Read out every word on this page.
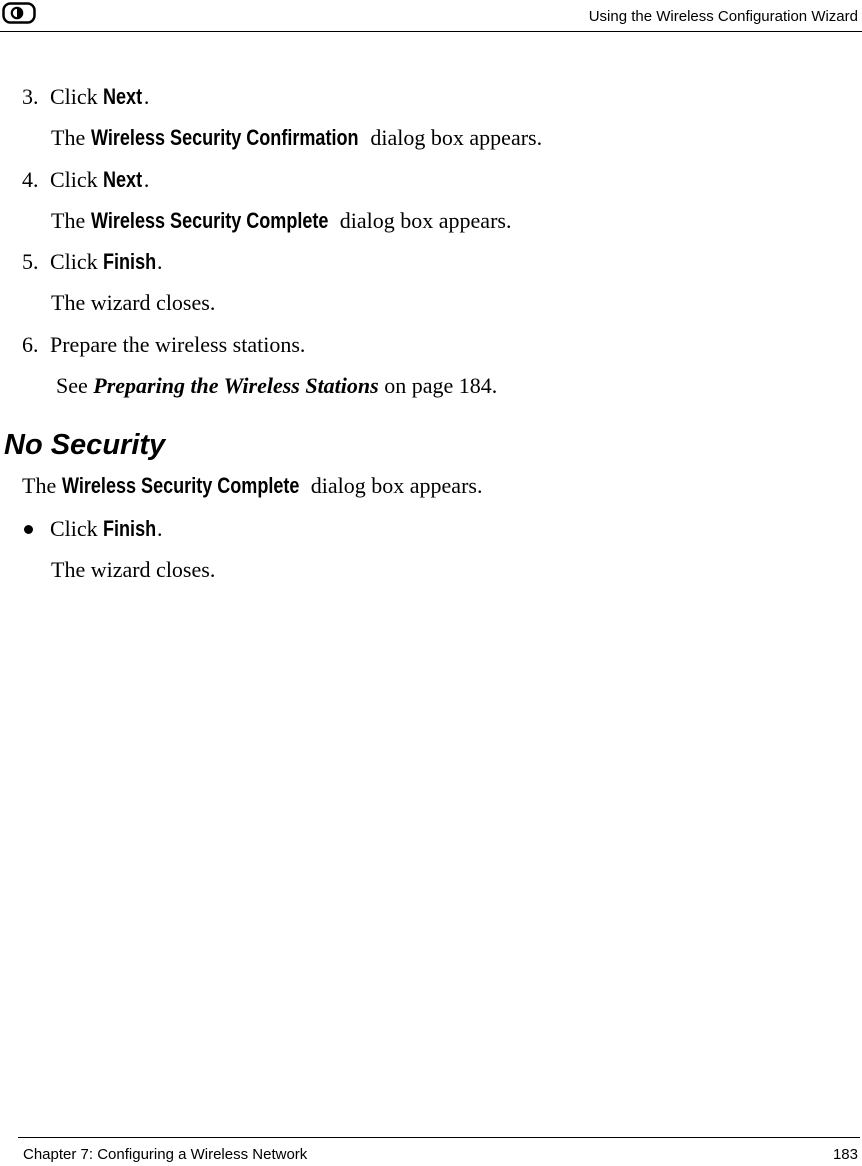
Using the Wireless Configuration Wizard
3. Click Next.
The Wireless Security Confirmation dialog box appears.
4. Click Next.
The Wireless Security Complete dialog box appears.
5. Click Finish.
The wizard closes.
6. Prepare the wireless stations.
See Preparing the Wireless Stations on page 184.
No Security
The Wireless Security Complete dialog box appears.
Click Finish.
The wizard closes.
Chapter 7: Configuring a Wireless Network	183
